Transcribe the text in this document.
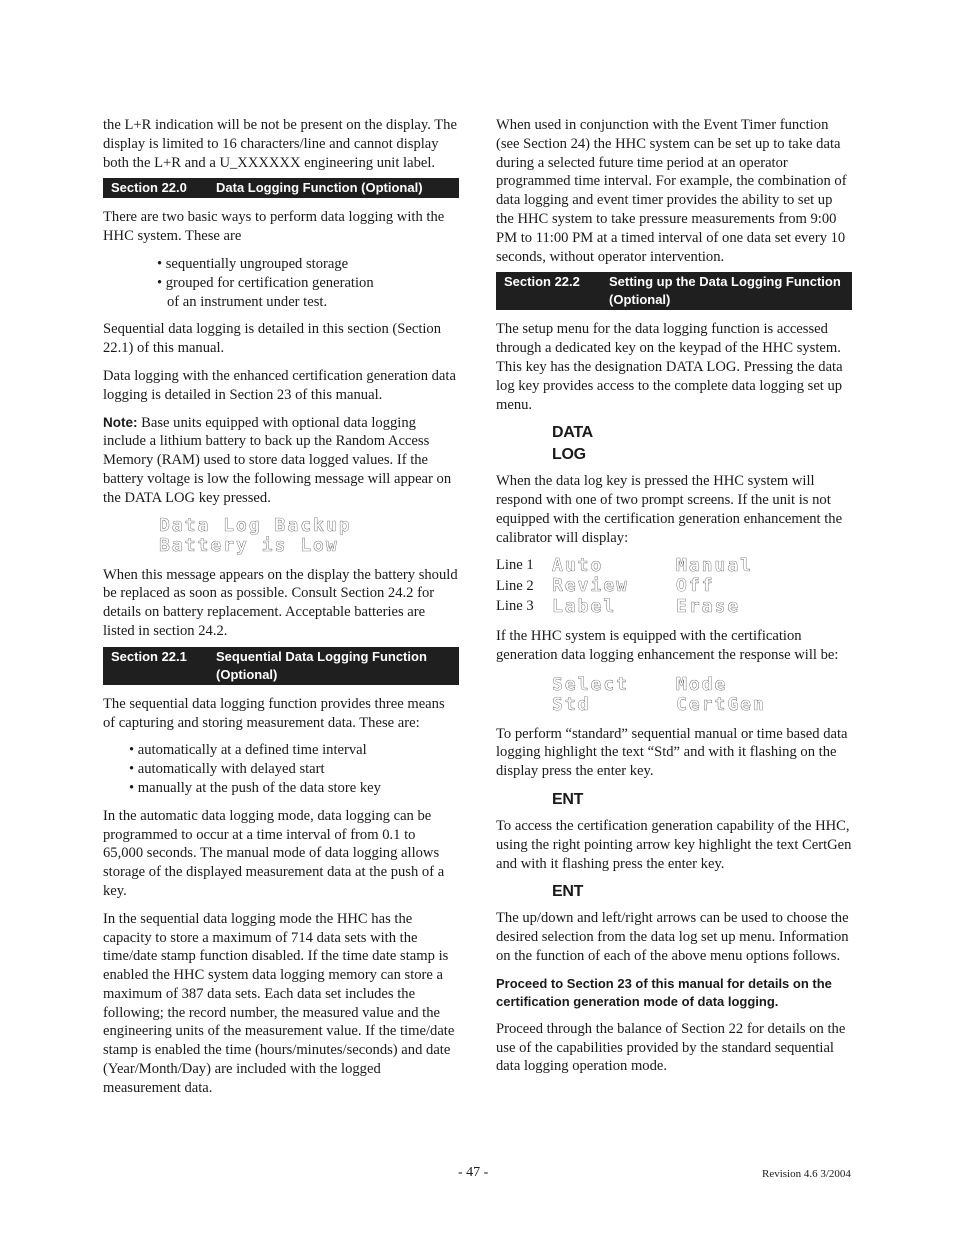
the L+R indication will be not be present on the display. The display is limited to 16 characters/line and cannot display both the L+R and a U_XXXXXX engineering unit label.

Section 22.0	Data Logging Function (Optional)

There are two basic ways to perform data logging with the HHC system. These are

• sequentially ungrouped storage
• grouped for certification generation
of an instrument under test.

Sequential data logging is detailed in this section (Section 22.1) of this manual.

Data logging with the enhanced certification generation data logging is detailed in Section 23 of this manual.

Note: Base units equipped with optional data logging include a lithium battery to back up the Random Access Memory (RAM) used to store data logged values. If the battery voltage is low the following message will appear on the DATA LOG key pressed.

Data Log Backup
Battery is Low

When this message appears on the display the battery should be replaced as soon as possible. Consult Section 24.2 for details on battery replacement. Acceptable batteries are listed in section 24.2.

Section 22.1	Sequential Data Logging Function (Optional)

The sequential data logging function provides three means of capturing and storing measurement data. These are:

• automatically at a defined time interval
• automatically with delayed start
• manually at the push of the data store key

In the automatic data logging mode, data logging can be programmed to occur at a time interval of from 0.1 to 65,000 seconds. The manual mode of data logging allows storage of the displayed measurement data at the push of a key.

In the sequential data logging mode the HHC has the capacity to store a maximum of 714 data sets with the time/date stamp function disabled. If the time date stamp is enabled the HHC system data logging memory can store a maximum of 387 data sets. Each data set includes the following; the record number, the measured value and the engineering units of the measurement value. If the time/date stamp is enabled the time (hours/minutes/seconds) and date (Year/Month/Day) are included with the logged measurement data.

When used in conjunction with the Event Timer function (see Section 24) the HHC system can be set up to take data during a selected future time period at an operator programmed time interval. For example, the combination of data logging and event timer provides the ability to set up the HHC system to take pressure measurements from 9:00 PM to 11:00 PM at a timed interval of one data set every 10 seconds, without operator intervention.

Section 22.2	Setting up the Data Logging Function (Optional)

The setup menu for the data logging function is accessed through a dedicated key on the keypad of the HHC system. This key has the designation DATA LOG. Pressing the data log key provides access to the complete data logging set up menu.

DATA
LOG

When the data log key is pressed the HHC system will respond with one of two prompt screens. If the unit is not equipped with the certification generation enhancement the calibrator will display:

Line 1	Auto	Manual
Line 2	Review	Off
Line 3	Label	Erase

If the HHC system is equipped with the certification generation data logging enhancement the response will be:

Select	Mode
Std	CertGen

To perform “standard” sequential manual or time based data logging highlight the text “Std” and with it flashing on the display press the enter key.

ENT

To access the certification generation capability of the HHC, using the right pointing arrow key highlight the text CertGen and with it flashing press the enter key.

ENT

The up/down and left/right arrows can be used to choose the desired selection from the data log set up menu. Information on the function of each of the above menu options follows.

Proceed to Section 23 of this manual for details on the certification generation mode of data logging.

Proceed through the balance of Section 22 for details on the use of the capabilities provided by the standard sequential data logging operation mode.

- 47 -	Revision 4.6 3/2004
